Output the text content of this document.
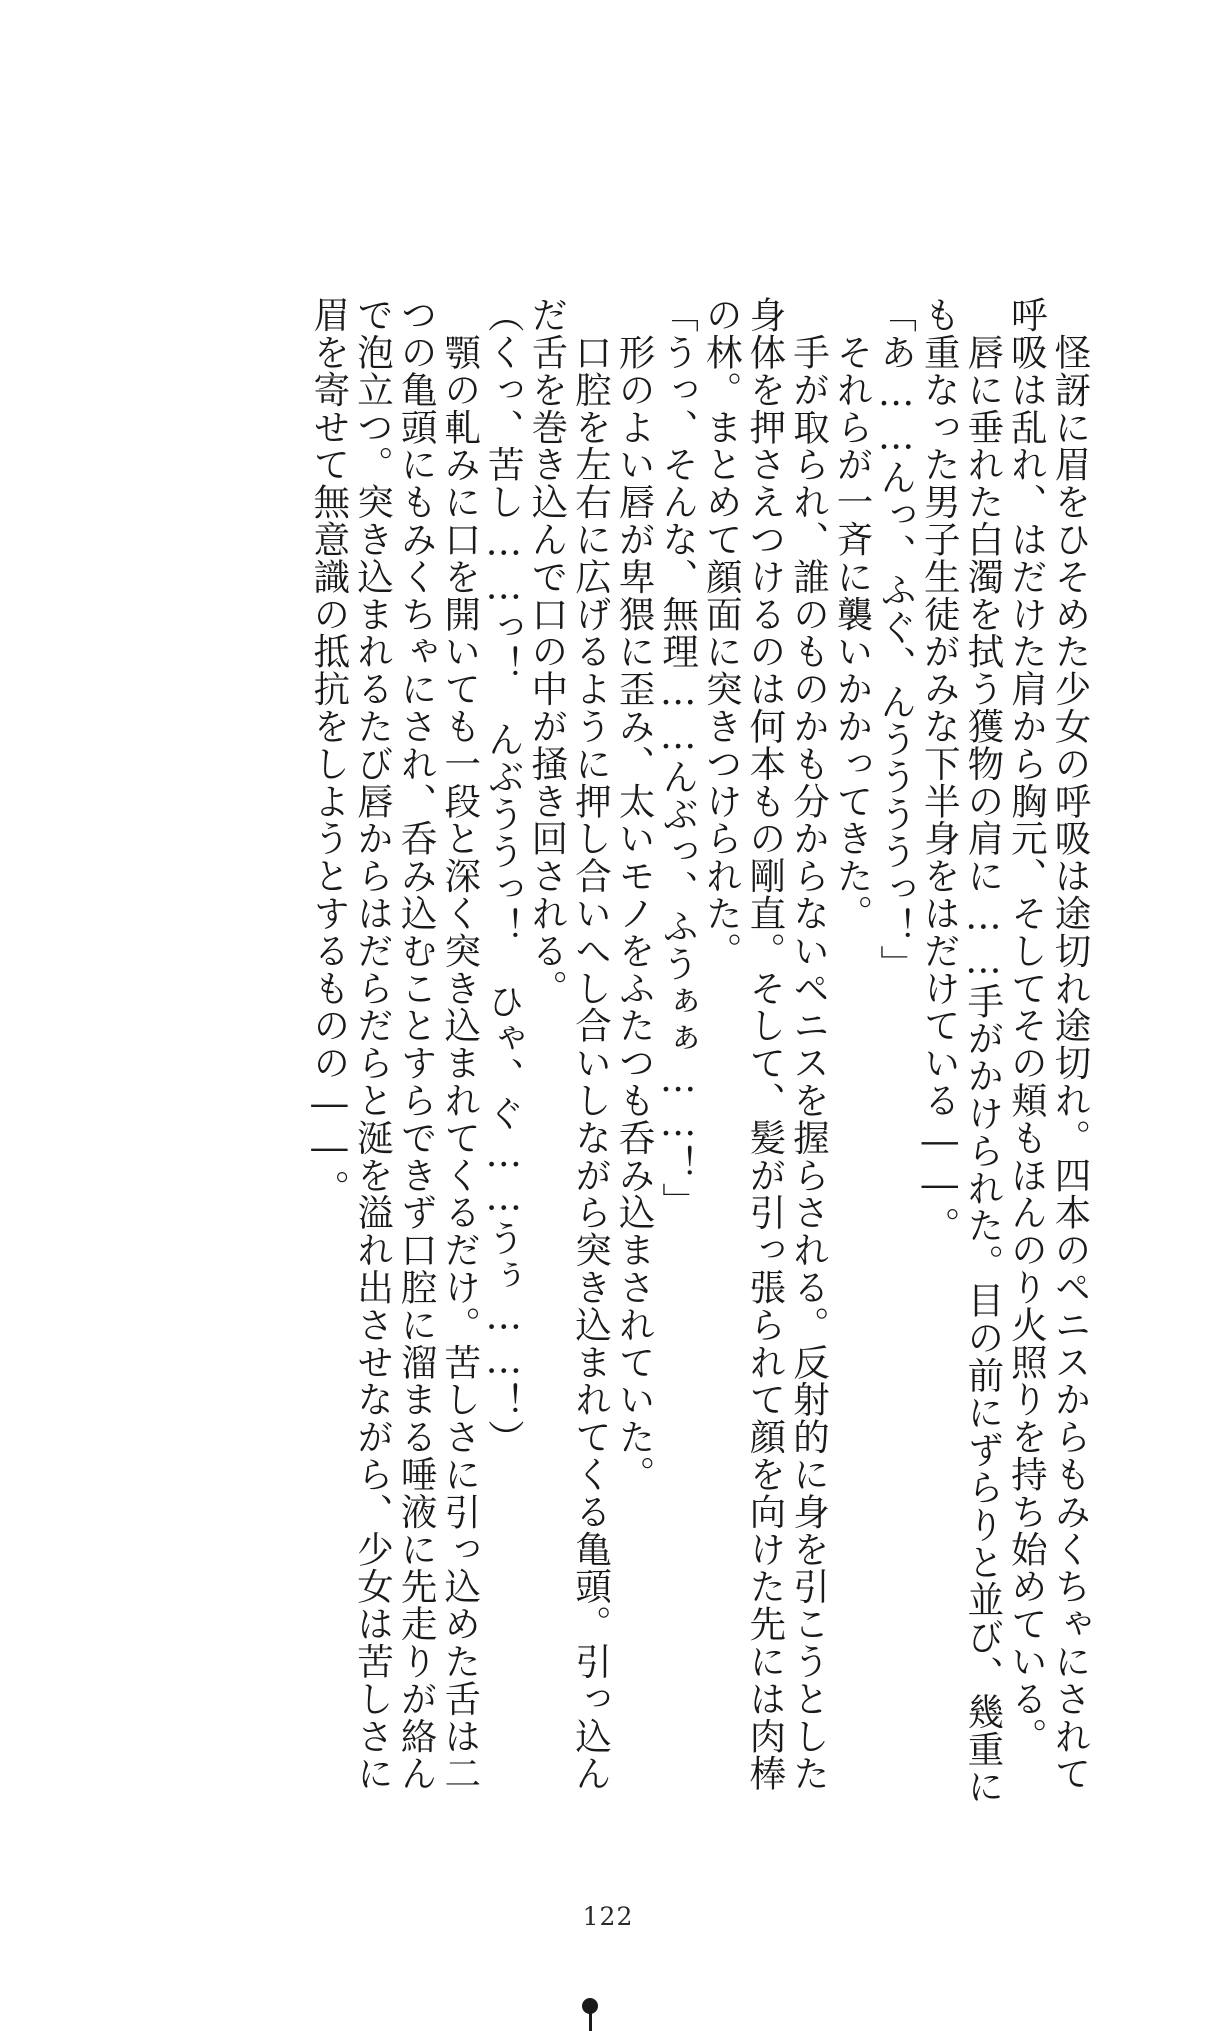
　怪訝に眉をひそめた少女の呼吸は途切れ途切れ。四本のペニスからもみくちゃにされて
呼吸は乱れ、はだけた肩から胸元、そしてその頬もほんのり火照りを持ち始めている。
　唇に垂れた白濁を拭う獲物の肩に……手がかけられた。目の前にずらりと並び、幾重に
も重なった男子生徒がみな下半身をはだけている――。
「あ……んっ、ふぐ、んううううっ！」
　それらが一斉に襲いかかってきた。
　手が取られ、誰のものかも分からないペニスを握らされる。反射的に身を引こうとした
身体を押さえつけるのは何本もの剛直。そして、髪が引っ張られて顔を向けた先には肉棒
の林。まとめて顔面に突きつけられた。
「うっ、そんな、無理……んぶっ、ふうぁぁ……！」
　形のよい唇が卑猥に歪み、太いモノをふたつも呑み込まされていた。
　口腔を左右に広げるように押し合いへし合いしながら突き込まれてくる亀頭。引っ込ん
だ舌を巻き込んで口の中が掻き回される。
（くっ、苦し……っ！　んぶううっ！　ひゃ、ぐ……うぅ……！）
　顎の軋みに口を開いても一段と深く突き込まれてくるだけ。苦しさに引っ込めた舌は二
つの亀頭にもみくちゃにされ、呑み込むことすらできず口腔に溜まる唾液に先走りが絡ん
で泡立つ。突き込まれるたび唇からはだらだらと涎を溢れ出させながら、少女は苦しさに
眉を寄せて無意識の抵抗をしようとするものの――。
122
